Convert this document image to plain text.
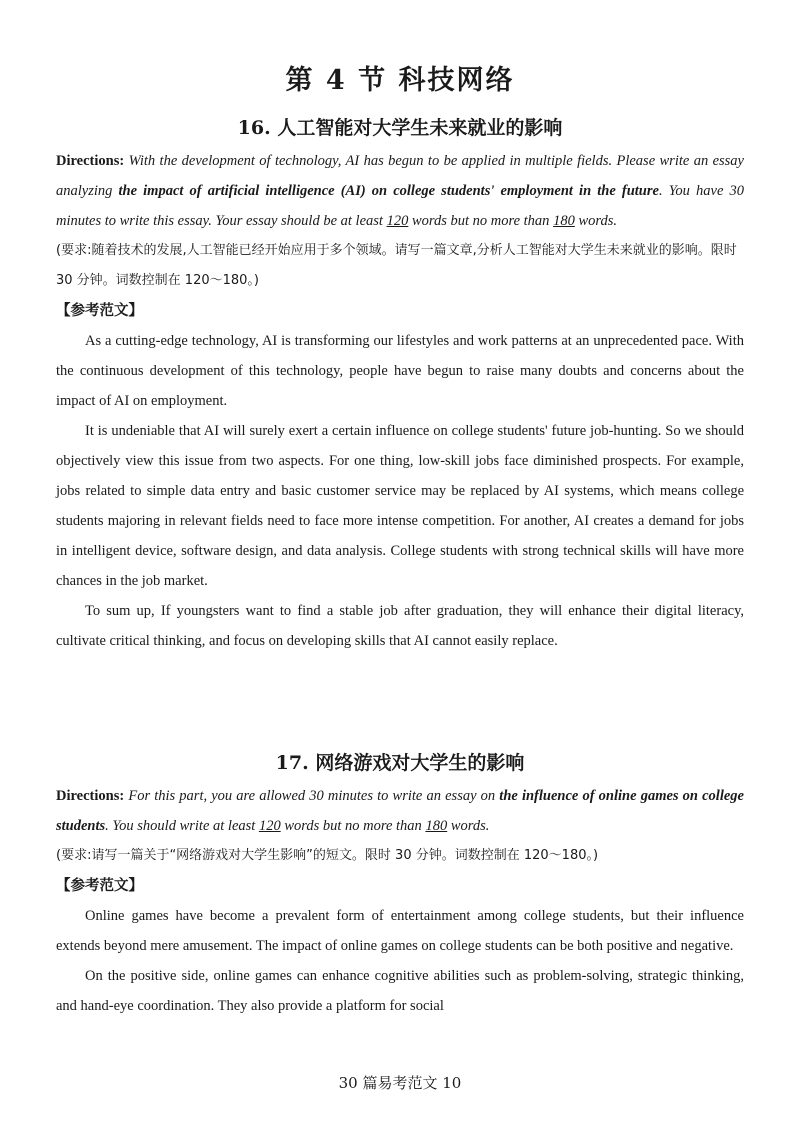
第 4 节 科技网络
16. 人工智能对大学生未来就业的影响

Directions: With the development of technology, AI has begun to be applied in multiple fields. Please write an essay analyzing the impact of artificial intelligence (AI) on college students' employment in the future. You have 30 minutes to write this essay. Your essay should be at least 120 words but no more than 180 words.

(要求:随着技术的发展,人工智能已经开始应用于多个领域。请写一篇文章,分析人工智能对大学生未来就业的影响。限时 30 分钟。词数控制在 120～180。)

【参考范文】

As a cutting-edge technology, AI is transforming our lifestyles and work patterns at an unprecedented pace. With the continuous development of this technology, people have begun to raise many doubts and concerns about the impact of AI on employment.

It is undeniable that AI will surely exert a certain influence on college students' future job-hunting. So we should objectively view this issue from two aspects. For one thing, low-skill jobs face diminished prospects. For example, jobs related to simple data entry and basic customer service may be replaced by AI systems, which means college students majoring in relevant fields need to face more intense competition. For another, AI creates a demand for jobs in intelligent device, software design, and data analysis. College students with strong technical skills will have more chances in the job market.

To sum up, If youngsters want to find a stable job after graduation, they will enhance their digital literacy, cultivate critical thinking, and focus on developing skills that AI cannot easily replace.

17. 网络游戏对大学生的影响

Directions: For this part, you are allowed 30 minutes to write an essay on the influence of online games on college students. You should write at least 120 words but no more than 180 words.

(要求:请写一篇关于“网络游戏对大学生影响”的短文。限时 30 分钟。词数控制在 120～180。)

【参考范文】

Online games have become a prevalent form of entertainment among college students, but their influence extends beyond mere amusement. The impact of online games on college students can be both positive and negative.

On the positive side, online games can enhance cognitive abilities such as problem-solving, strategic thinking, and hand-eye coordination. They also provide a platform for social

30 篇易考范文 10
